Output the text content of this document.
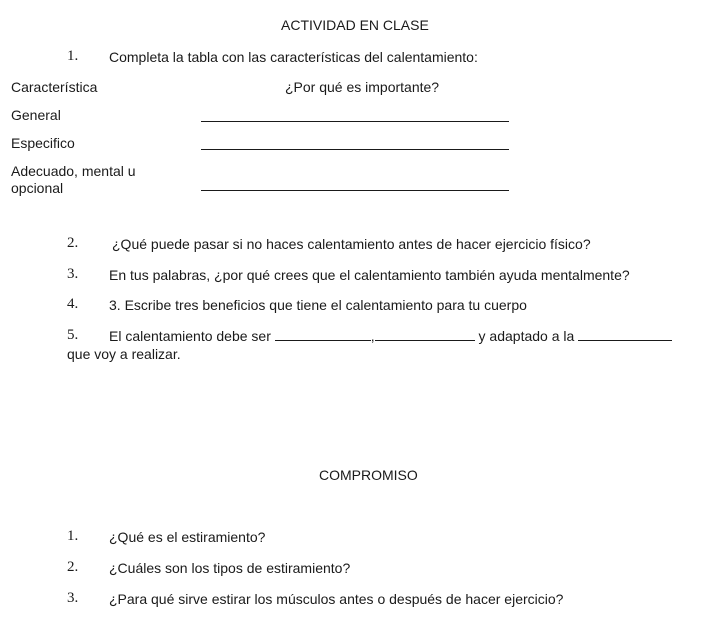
ACTIVIDAD EN CLASE
1. Completa la tabla con las características del calentamiento:
Característica	¿Por qué es importante?
General
Especifico
Adecuado, mental u
opcional
2. ¿Qué puede pasar si no haces calentamiento antes de hacer ejercicio físico?
3. En tus palabras, ¿por qué crees que el calentamiento también ayuda mentalmente?
4. 3. Escribe tres beneficios que tiene el calentamiento para tu cuerpo
5. El calentamiento debe ser	,	y adaptado a la
que voy a realizar.
COMPROMISO
1. ¿Qué es el estiramiento?
2. ¿Cuáles son los tipos de estiramiento?
3. ¿Para qué sirve estirar los músculos antes o después de hacer ejercicio?
